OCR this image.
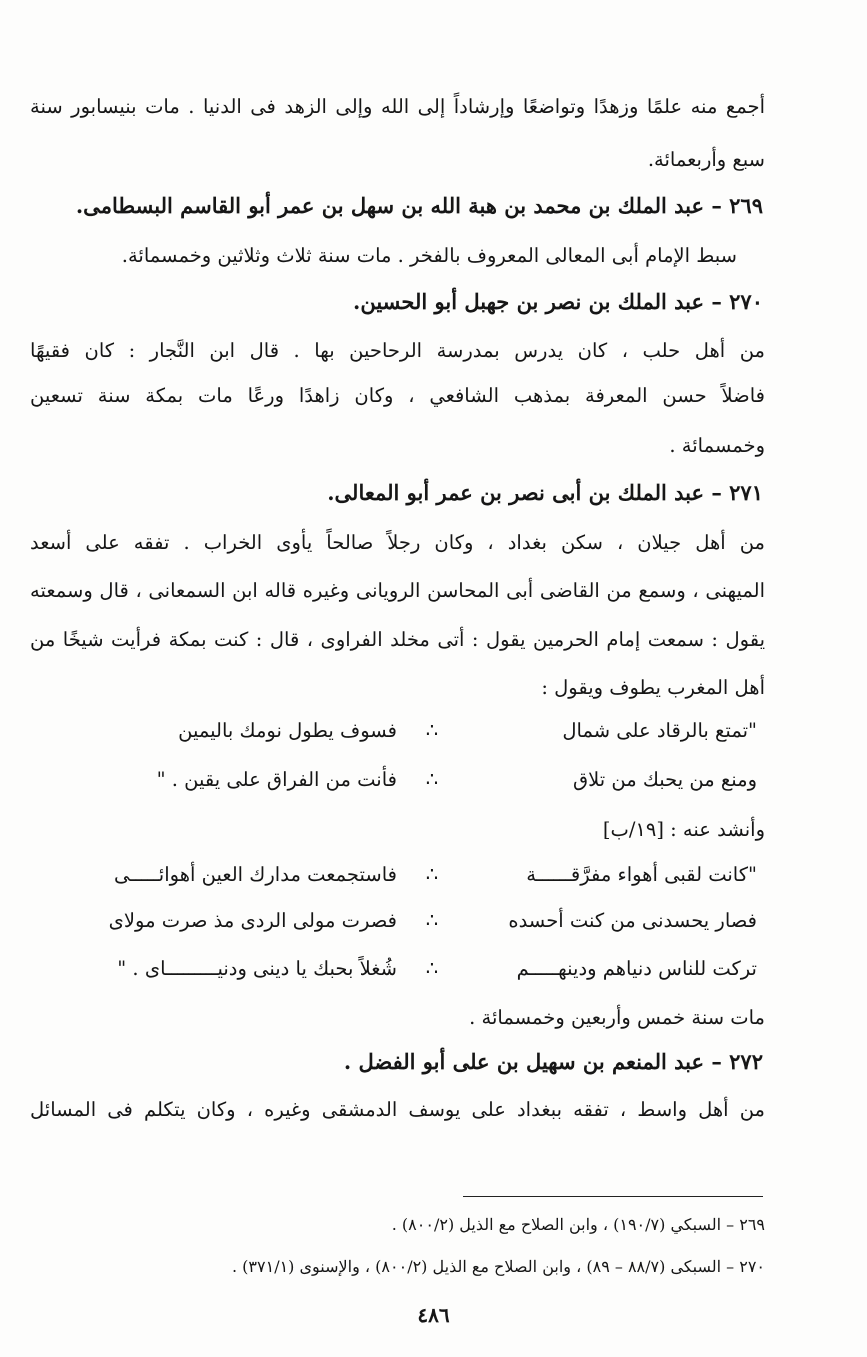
أجمع منه علمًا وزهدًا وتواضعًا وإرشاداً إلى الله وإلى الزهد فى الدنيا . مات بنيسابور سنة
سبع وأربعمائة.
٢٦٩ – عبد الملك بن محمد بن هبة الله بن سهل بن عمر أبو القاسم البسطامى.
سبط الإمام أبى المعالى المعروف بالفخر . مات سنة ثلاث وثلاثين وخمسمائة.
٢٧٠ – عبد الملك بن نصر بن جهبل أبو الحسين.
من أهل حلب ، كان يدرس بمدرسة الرحاحين بها . قال ابن النَّجار : كان فقيهًا
فاضلاً حسن المعرفة بمذهب الشافعي ، وكان زاهدًا ورعًا مات بمكة سنة تسعين
وخمسمائة .
٢٧١ – عبد الملك بن أبى نصر بن عمر أبو المعالى.
من أهل جيلان ، سكن بغداد ، وكان رجلاً صالحاً يأوى الخراب . تفقه على أسعد
الميهنى ، وسمع من القاضى أبى المحاسن الرويانى وغيره قاله ابن السمعانى ، قال وسمعته
يقول : سمعت إمام الحرمين يقول : أتى مخلد الفراوى ، قال : كنت بمكة فرأيت شيخًا من
أهل المغرب يطوف ويقول :
"تمتع بالرقاد على شمال
∴
فسوف يطول نومك باليمين
ومنع من يحبك من تلاق
∴
فأنت من الفراق على يقين . "
وأنشد عنه : [١٩/ب]
"كانت لقبى أهواء مفرَّقــــــة
∴
فاستجمعت مدارك العين أهوائـــــى
فصار يحسدنى من كنت أحسده
∴
فصرت مولى الردى مذ صرت مولاى
تركت للناس دنياهم ودينهـــــم
∴
شُغلاً بحبك يا دينى ودنيـــــــــاى . "
مات سنة خمس وأربعين وخمسمائة .
٢٧٢ – عبد المنعم بن سهيل بن على أبو الفضل .
من أهل واسط ، تفقه ببغداد على يوسف الدمشقى وغيره ، وكان يتكلم فى المسائل
٢٦٩ – السبكي (١٩٠/٧) ، وابن الصلاح مع الذيل (٨٠٠/٢) .
٢٧٠ – السبكى (٨٨/٧ – ٨٩) ، وابن الصلاح مع الذيل (٨٠٠/٢) ، والإسنوى (٣٧١/١) .
٤٨٦
